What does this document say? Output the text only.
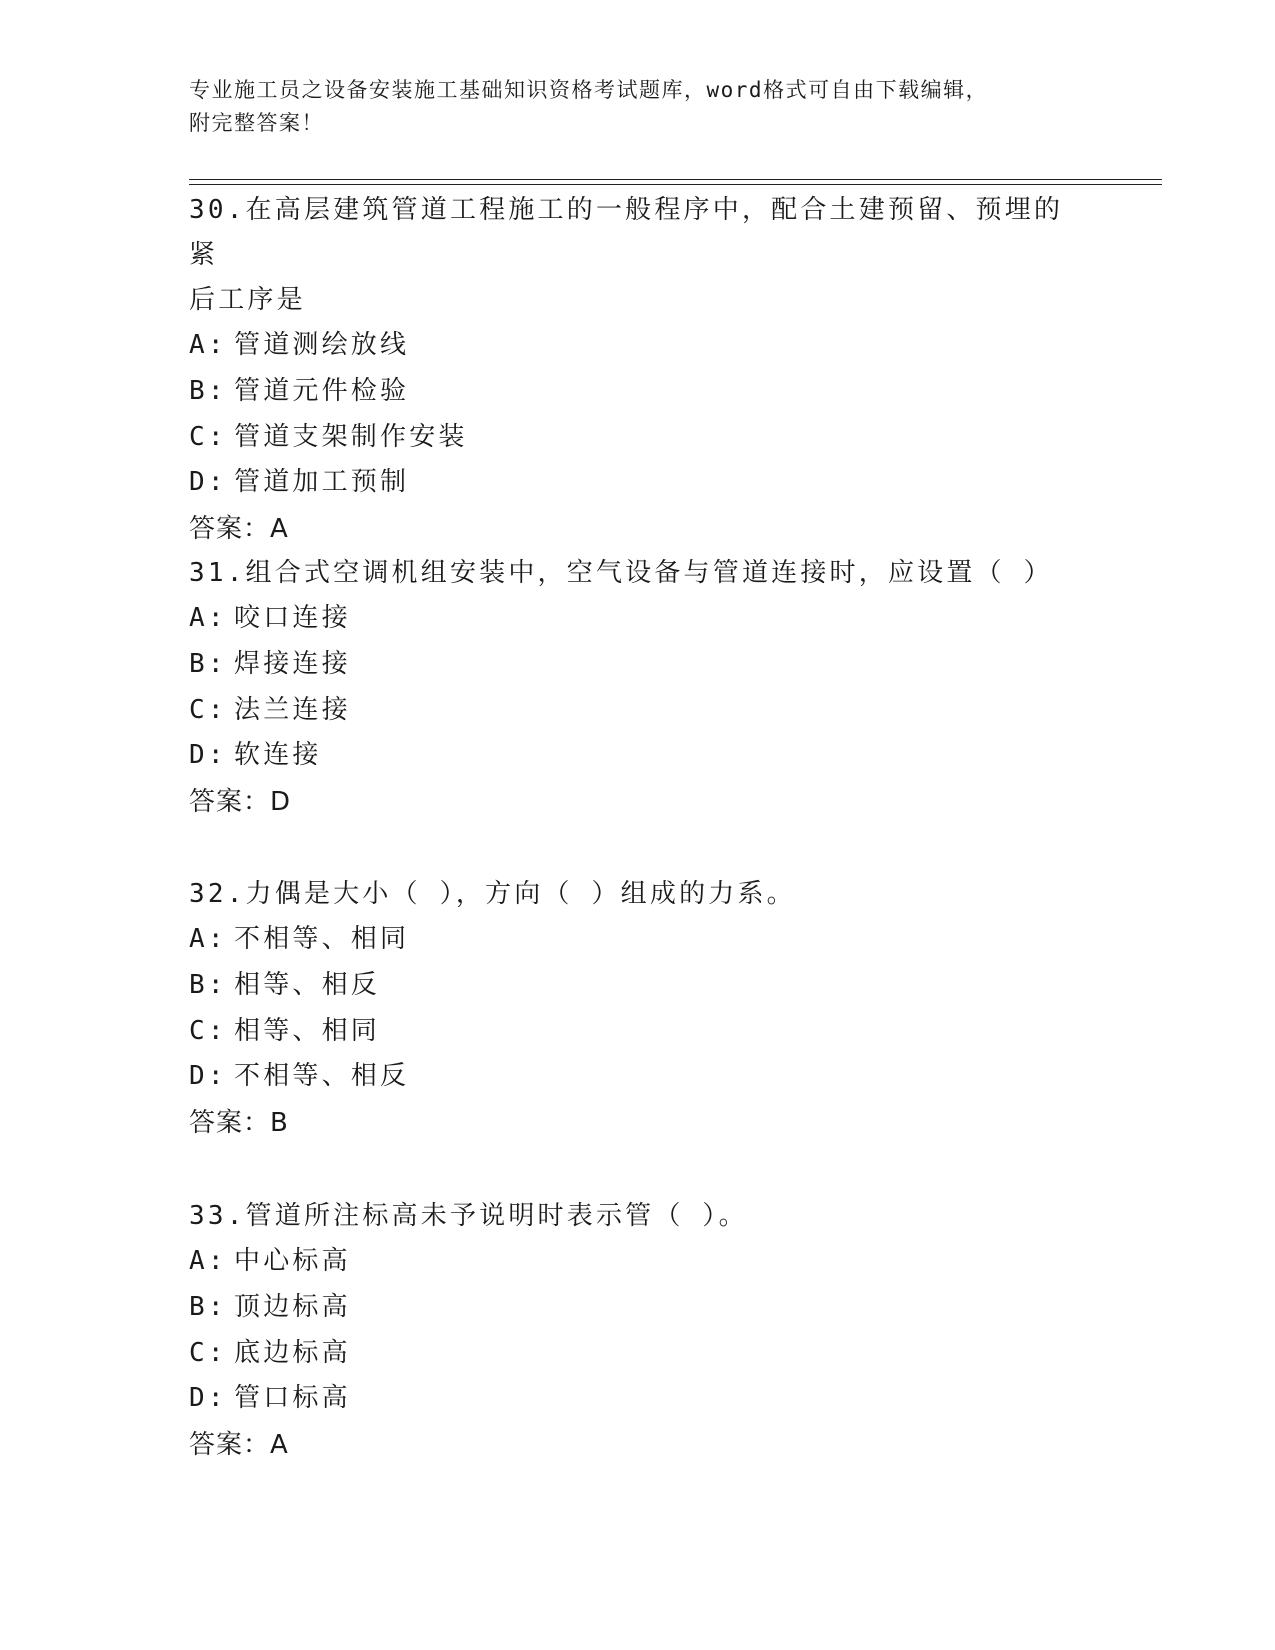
专业施工员之设备安装施工基础知识资格考试题库，word格式可自由下载编辑，
附完整答案！
30.在高层建筑管道工程施工的一般程序中，配合土建预留、预埋的紧
后工序是
A: 管道测绘放线
B: 管道元件检验
C: 管道支架制作安装
D: 管道加工预制
答案：A
31.组合式空调机组安装中，空气设备与管道连接时，应设置（ ）
A: 咬口连接
B: 焊接连接
C: 法兰连接
D: 软连接
答案：D
32.力偶是大小（ ），方向（ ）组成的力系。
A: 不相等、相同
B: 相等、相反
C: 相等、相同
D: 不相等、相反
答案：B
33.管道所注标高未予说明时表示管（ ）。
A: 中心标高
B: 顶边标高
C: 底边标高
D: 管口标高
答案：A
